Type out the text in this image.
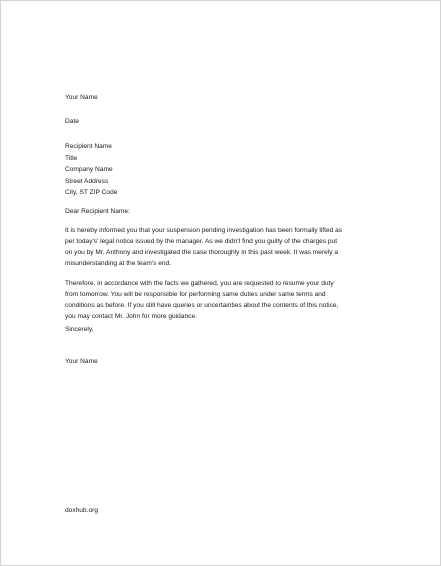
Your Name
Date
Recipient Name
Title
Company Name
Street Address
City, ST ZIP Code
Dear Recipient Name:
It is hereby informed you that your suspension pending investigation has been formally lifted as
per today's' legal notice issued by the manager. As we didn't find you guilty of the charges put
on you by Mr. Anthony and investigated the case thoroughly in this past week. It was merely a
misunderstanding at the team's end.
Therefore, in accordance with the facts we gathered, you are requested to resume your duty
from tomorrow. You will be responsible for performing same duties under same terms and
conditions as before. If you still have queries or uncertainties about the contents of this notice,
you may contact Mr. John for more guidance.
Sincerely,
Your Name
doxhub.org
